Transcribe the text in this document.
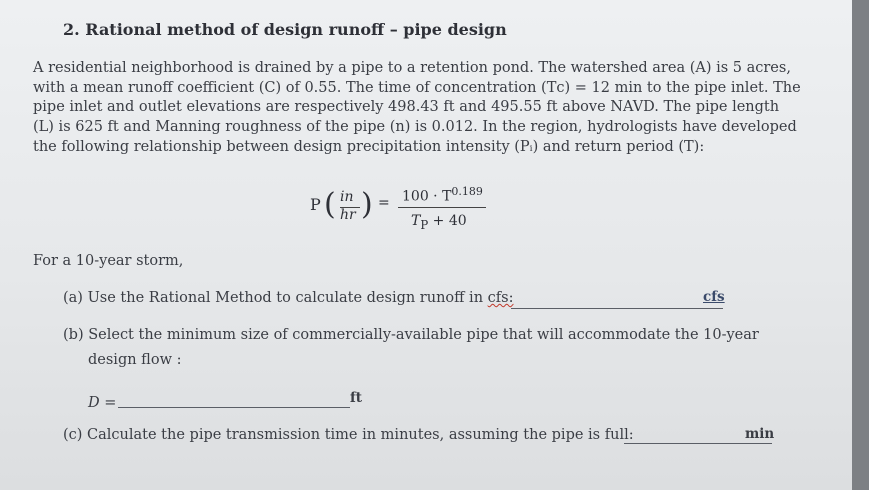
2. Rational method of design runoff – pipe design
A residential neighborhood is drained by a pipe to a retention pond. The watershed area (A) is 5 acres,
with a mean runoff coefficient (C) of 0.55. The time of concentration (Tс) = 12 min to the pipe inlet. The
pipe inlet and outlet elevations are respectively 498.43 ft and 495.55 ft above NAVD. The pipe length
(L) is 625 ft and Manning roughness of the pipe (n) is 0.012. In the region, hydrologists have developed
the following relationship between design precipitation intensity (Pᵢ) and return period (T):
P ( in
hr ) = $100 \cdot T^{0.189}$
$T_P + 40$
For a 10-year storm,
(a) Use the Rational Method to calculate design runoff in cfs:	cfs
(b) Select the minimum size of commercially-available pipe that will accommodate the 10-year
design flow :
D =	ft
(c) Calculate the pipe transmission time in minutes, assuming the pipe is full:	min
